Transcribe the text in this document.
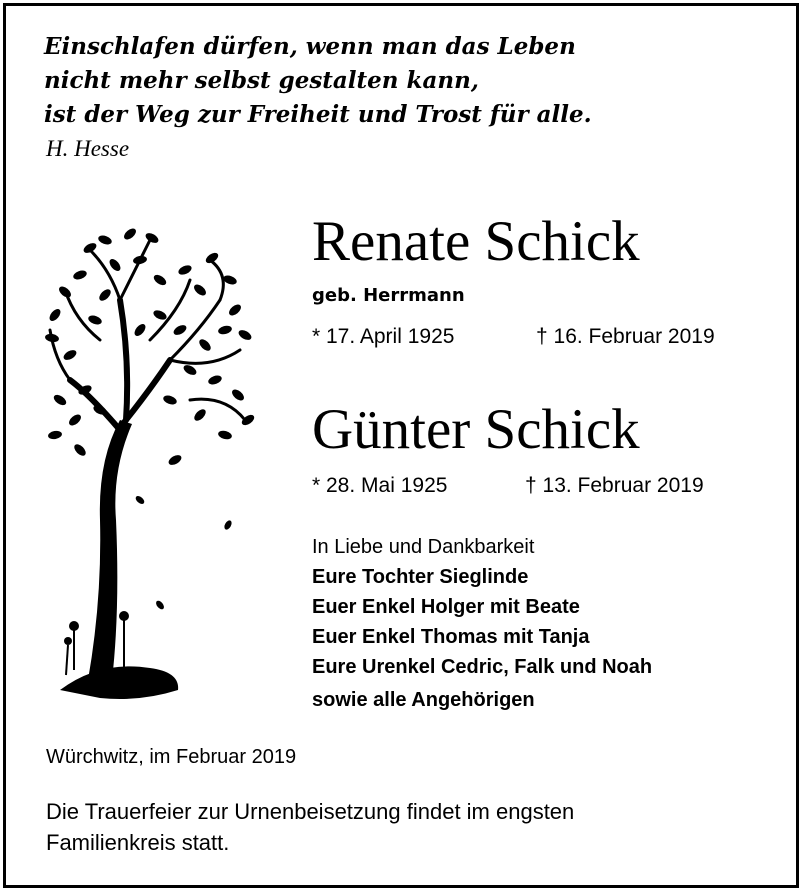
Einschlafen dürfen, wenn man das Leben
nicht mehr selbst gestalten kann,
ist der Weg zur Freiheit und Trost für alle.
H. Hesse
Renate Schick
geb. Herrmann
* 17. April 1925	† 16. Februar 2019
Günter Schick
* 28. Mai 1925	† 13. Februar 2019
In Liebe und Dankbarkeit
Eure Tochter Sieglinde
Euer Enkel Holger mit Beate
Euer Enkel Thomas mit Tanja
Eure Urenkel Cedric, Falk und Noah
sowie alle Angehörigen
Würchwitz, im Februar 2019
Die Trauerfeier zur Urnenbeisetzung findet im engsten
Familienkreis statt.
